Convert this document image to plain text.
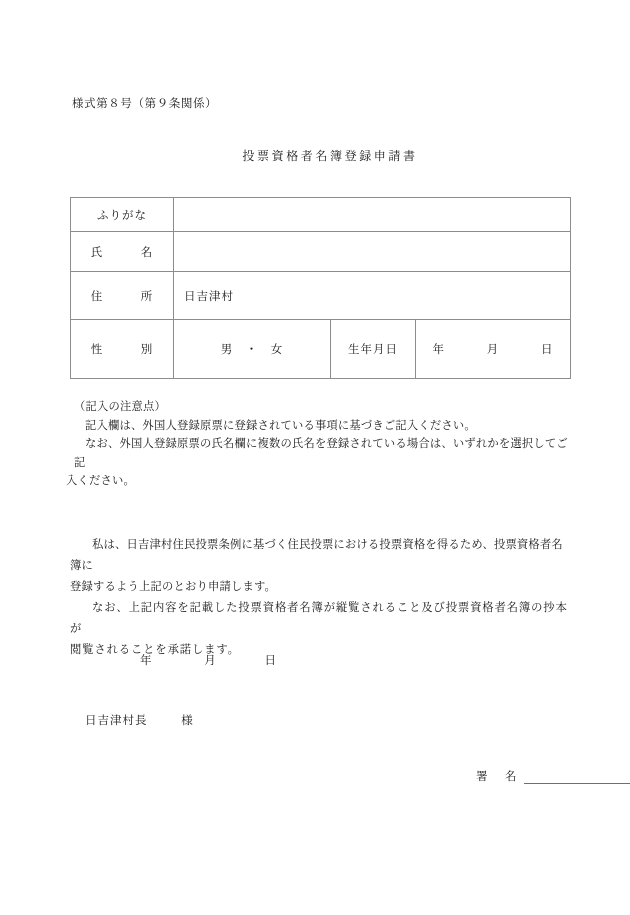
様式第８号（第９条関係）
投票資格者名簿登録申請書
ふりがな			
氏　　　名			
住　　　所	日吉津村		
性　　　別	男　・　女	生年月日	年 月 日
（記入の注意点）
記入欄は、外国人登録原票に登録されている事項に基づきご記入ください。
なお、外国人登録原票の氏名欄に複数の氏名を登録されている場合は、いずれかを選択してご記
入ください。

私は、日吉津村住民投票条例に基づく住民投票における投票資格を得るため、投票資格者名簿に

登録するよう上記のとおり申請します。

なお、上記内容を記載した投票資格者名簿が縦覧されること及び投票資格者名簿の抄本が

閲覧されることを承諾します。

年	月	日
日吉津村長	様
署　名
